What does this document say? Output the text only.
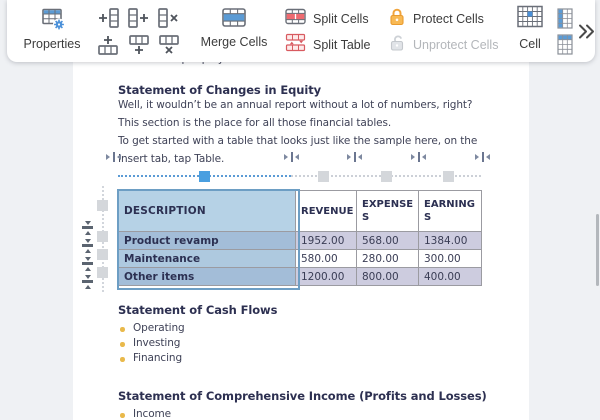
Statement of Changes in Equity
Well, it wouldn’t be an annual report without a lot of numbers, right?
This section is the place for all those financial tables.
To get started with a table that looks just like the sample here, on the
Insert tab, tap Table.
DESCRIPTION	REVENUE	EXPENSES	EARNINGS
Product revamp	1952.00	568.00	1384.00
Maintenance	580.00	280.00	300.00
Other items	1200.00	800.00	400.00
Statement of Cash Flows
Operating
Investing
Financing
Statement of Comprehensive Income (Profits and Losses)
Income
Properties	Merge Cells
Split Cells
Split Table
Protect Cells
Unprotect Cells Cell
